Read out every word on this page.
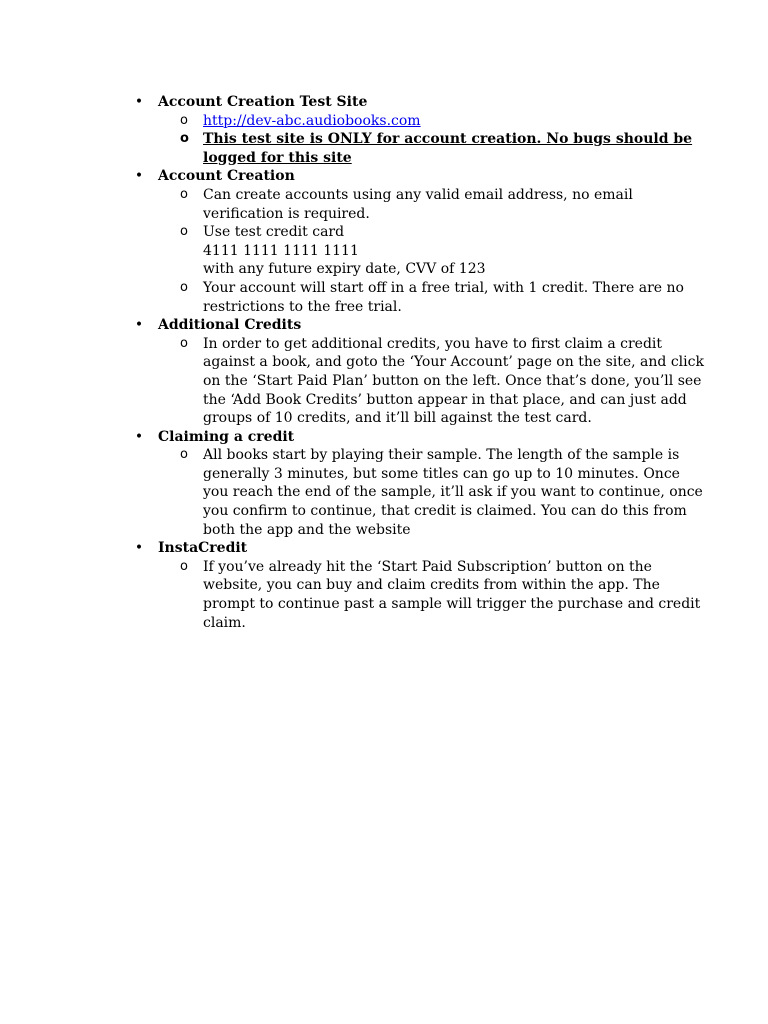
• Account Creation Test Site
o http://dev-abc.audiobooks.com
o This test site is ONLY for account creation. No bugs should be
logged for this site
• Account Creation
o Can create accounts using any valid email address, no email
verification is required.
o Use test credit card
4111 1111 1111 1111
with any future expiry date, CVV of 123
o Your account will start off in a free trial, with 1 credit. There are no
restrictions to the free trial.
• Additional Credits
o In order to get additional credits, you have to first claim a credit
against a book, and goto the ‘Your Account’ page on the site, and click
on the ‘Start Paid Plan’ button on the left. Once that’s done, you’ll see
the ‘Add Book Credits’ button appear in that place, and can just add
groups of 10 credits, and it’ll bill against the test card.
• Claiming a credit
o All books start by playing their sample. The length of the sample is
generally 3 minutes, but some titles can go up to 10 minutes. Once
you reach the end of the sample, it’ll ask if you want to continue, once
you confirm to continue, that credit is claimed. You can do this from
both the app and the website
• InstaCredit
o If you’ve already hit the ‘Start Paid Subscription’ button on the
website, you can buy and claim credits from within the app. The
prompt to continue past a sample will trigger the purchase and credit
claim.
